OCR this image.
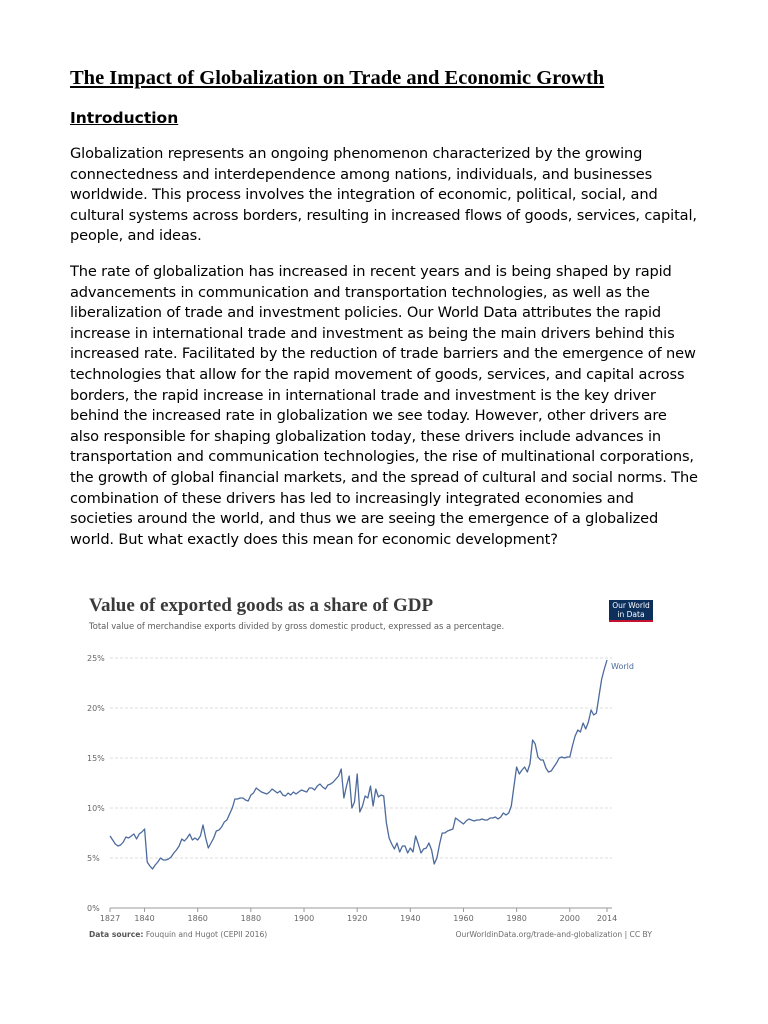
The Impact of Globalization on Trade and Economic Growth
Introduction

Globalization represents an ongoing phenomenon characterized by the growing connectedness and interdependence among nations, individuals, and businesses worldwide. This process involves the integration of economic, political, social, and cultural systems across borders, resulting in increased flows of goods, services, capital, people, and ideas.

The rate of globalization has increased in recent years and is being shaped by rapid advancements in communication and transportation technologies, as well as the liberalization of trade and investment policies. Our World Data attributes the rapid increase in international trade and investment as being the main drivers behind this increased rate. Facilitated by the reduction of trade barriers and the emergence of new technologies that allow for the rapid movement of goods, services, and capital across borders, the rapid increase in international trade and investment is the key driver behind the increased rate in globalization we see today. However, other drivers are also responsible for shaping globalization today, these drivers include advances in transportation and communication technologies, the rise of multinational corporations, the growth of global financial markets, and the spread of cultural and social norms. The combination of these drivers has led to increasingly integrated economies and societies around the world, and thus we are seeing the emergence of a globalized world. But what exactly does this mean for economic development?

Value of exported goods as a share of GDP
Total value of merchandise exports divided by gross domestic product, expressed as a percentage.
Our World
in Data
0%
5%
10%
15%
20%
25%
1827 1840	1860	1880	1900	1920	1940	1960	1980	2000 2014
World
Data source: Fouquin and Hugot (CEPII 2016)	OurWorldinData.org/trade-and-globalization | CC BY
